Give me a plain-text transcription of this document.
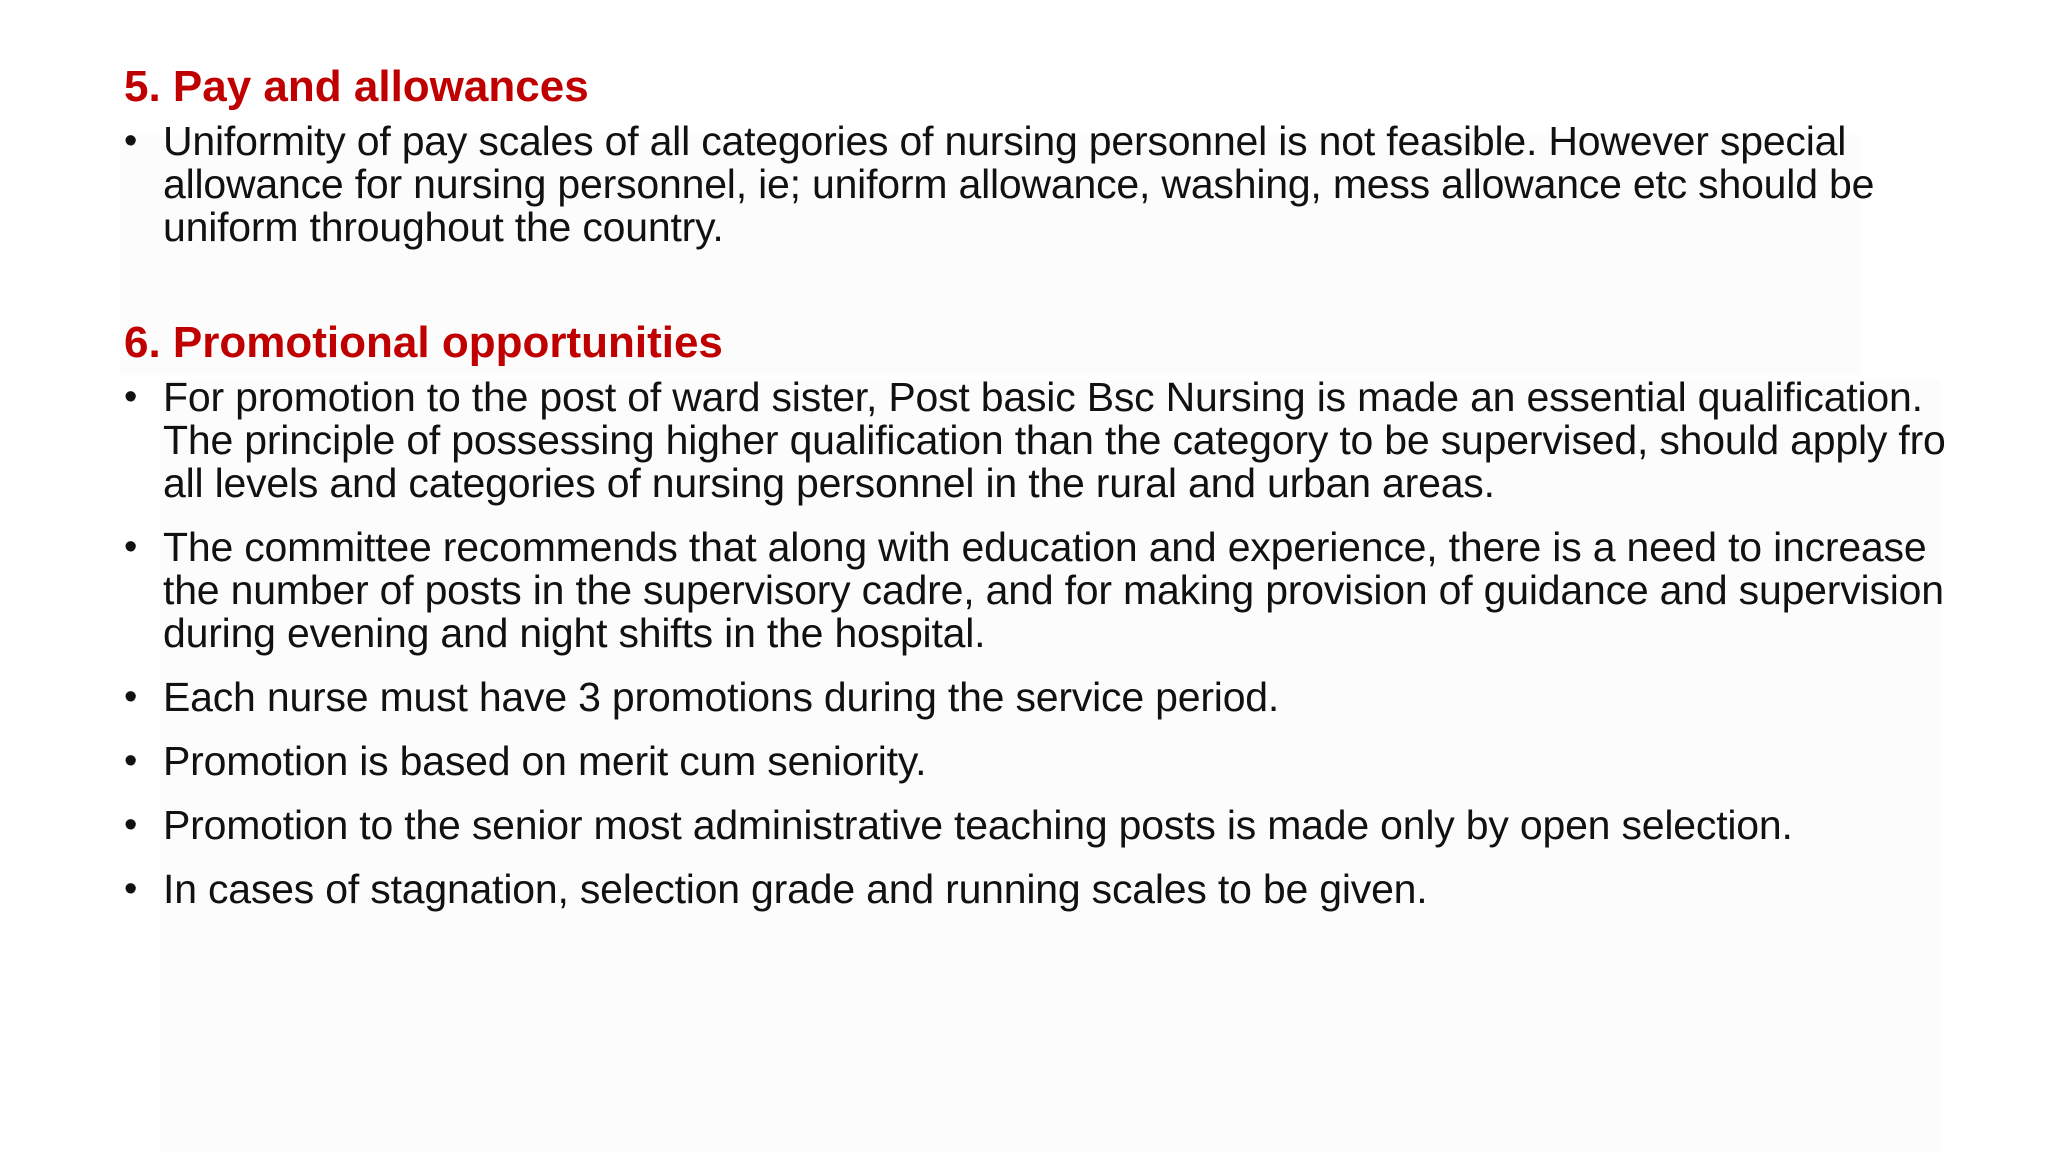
5. Pay and allowances
• Uniformity of pay scales of all categories of nursing personnel is not feasible. However special allowance for nursing personnel, ie; uniform allowance, washing, mess allowance etc should be uniform throughout the country.
6. Promotional opportunities
• For promotion to the post of ward sister, Post basic Bsc Nursing is made an essential qualification. The principle of possessing higher qualification than the category to be supervised, should apply fro all levels and categories of nursing personnel in the rural and urban areas.
• The committee recommends that along with education and experience, there is a need to increase the number of posts in the supervisory cadre, and for making provision of guidance and supervision during evening and night shifts in the hospital.
• Each nurse must have 3 promotions during the service period.
• Promotion is based on merit cum seniority.
• Promotion to the senior most administrative teaching posts is made only by open selection.
• In cases of stagnation, selection grade and running scales to be given.
